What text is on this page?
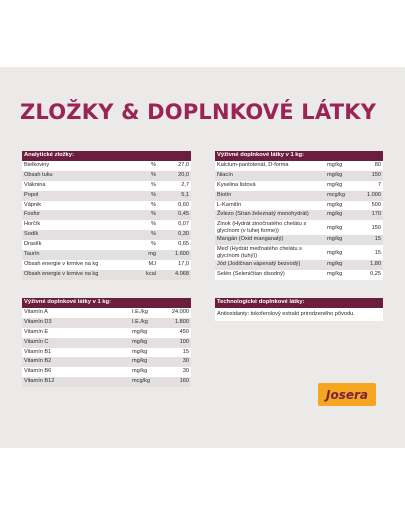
ZLOŽKY & DOPLNKOVÉ LÁTKY
Analytické zložky:		
Bielkoviny	%	27,0
Obsah tuku	%	20,0
Vláknina	%	2,7
Popol	%	5,1
Vápnik	%	0,60
Fosfor	%	0,45
Horčík	%	0,07
Sodík	%	0,30
Draslík	%	0,65
Taurín	mg	1.600
Obsah energie v krmive na kg	MJ	17,0
Obsah energie v krmive na kg	kcal	4.068
Výživné doplnkové látky v 1 kg:		
Vitamín A	I.E./kg	24.000
Vitamín D3	I.E./kg	1.800
Vitamín E	mg/kg	450
Vitamín C	mg/kg	100
Vitamín B1	mg/kg	15
Vitamín B2	mg/kg	30
Vitamín B6	mg/kg	30
Vitamín B12	mcg/kg	160
Výživné doplnkové látky v 1 kg:		
Kalcium-pantotenát, D-forma	mg/kg	80
Niacín	mg/kg	150
Kyselina listová	mg/kg	7
Biotín	mcg/kg	1.000
L-Karnitín	mg/kg	500
Železo (Síran železnatý monohydrát)	mg/kg	170
Zinok (Hydrát zinočnatého chelátu s glycínom (v tuhej forme))	mg/kg	150
Mangán (Oxid manganatý)	mg/kg	15
Meď (Hydrát meďnatého chelátu s glycínom (tuhý))	mg/kg	15
Jód (Jodičnan vápenatý bezvodý)	mg/kg	1,80
Selén (Seleničitan disodný)	mg/kg	0,25
Technologické doplnkové látky:
Antioxidanty: tokoferolový extrakt prirodzeného pôvodu.
Josera
